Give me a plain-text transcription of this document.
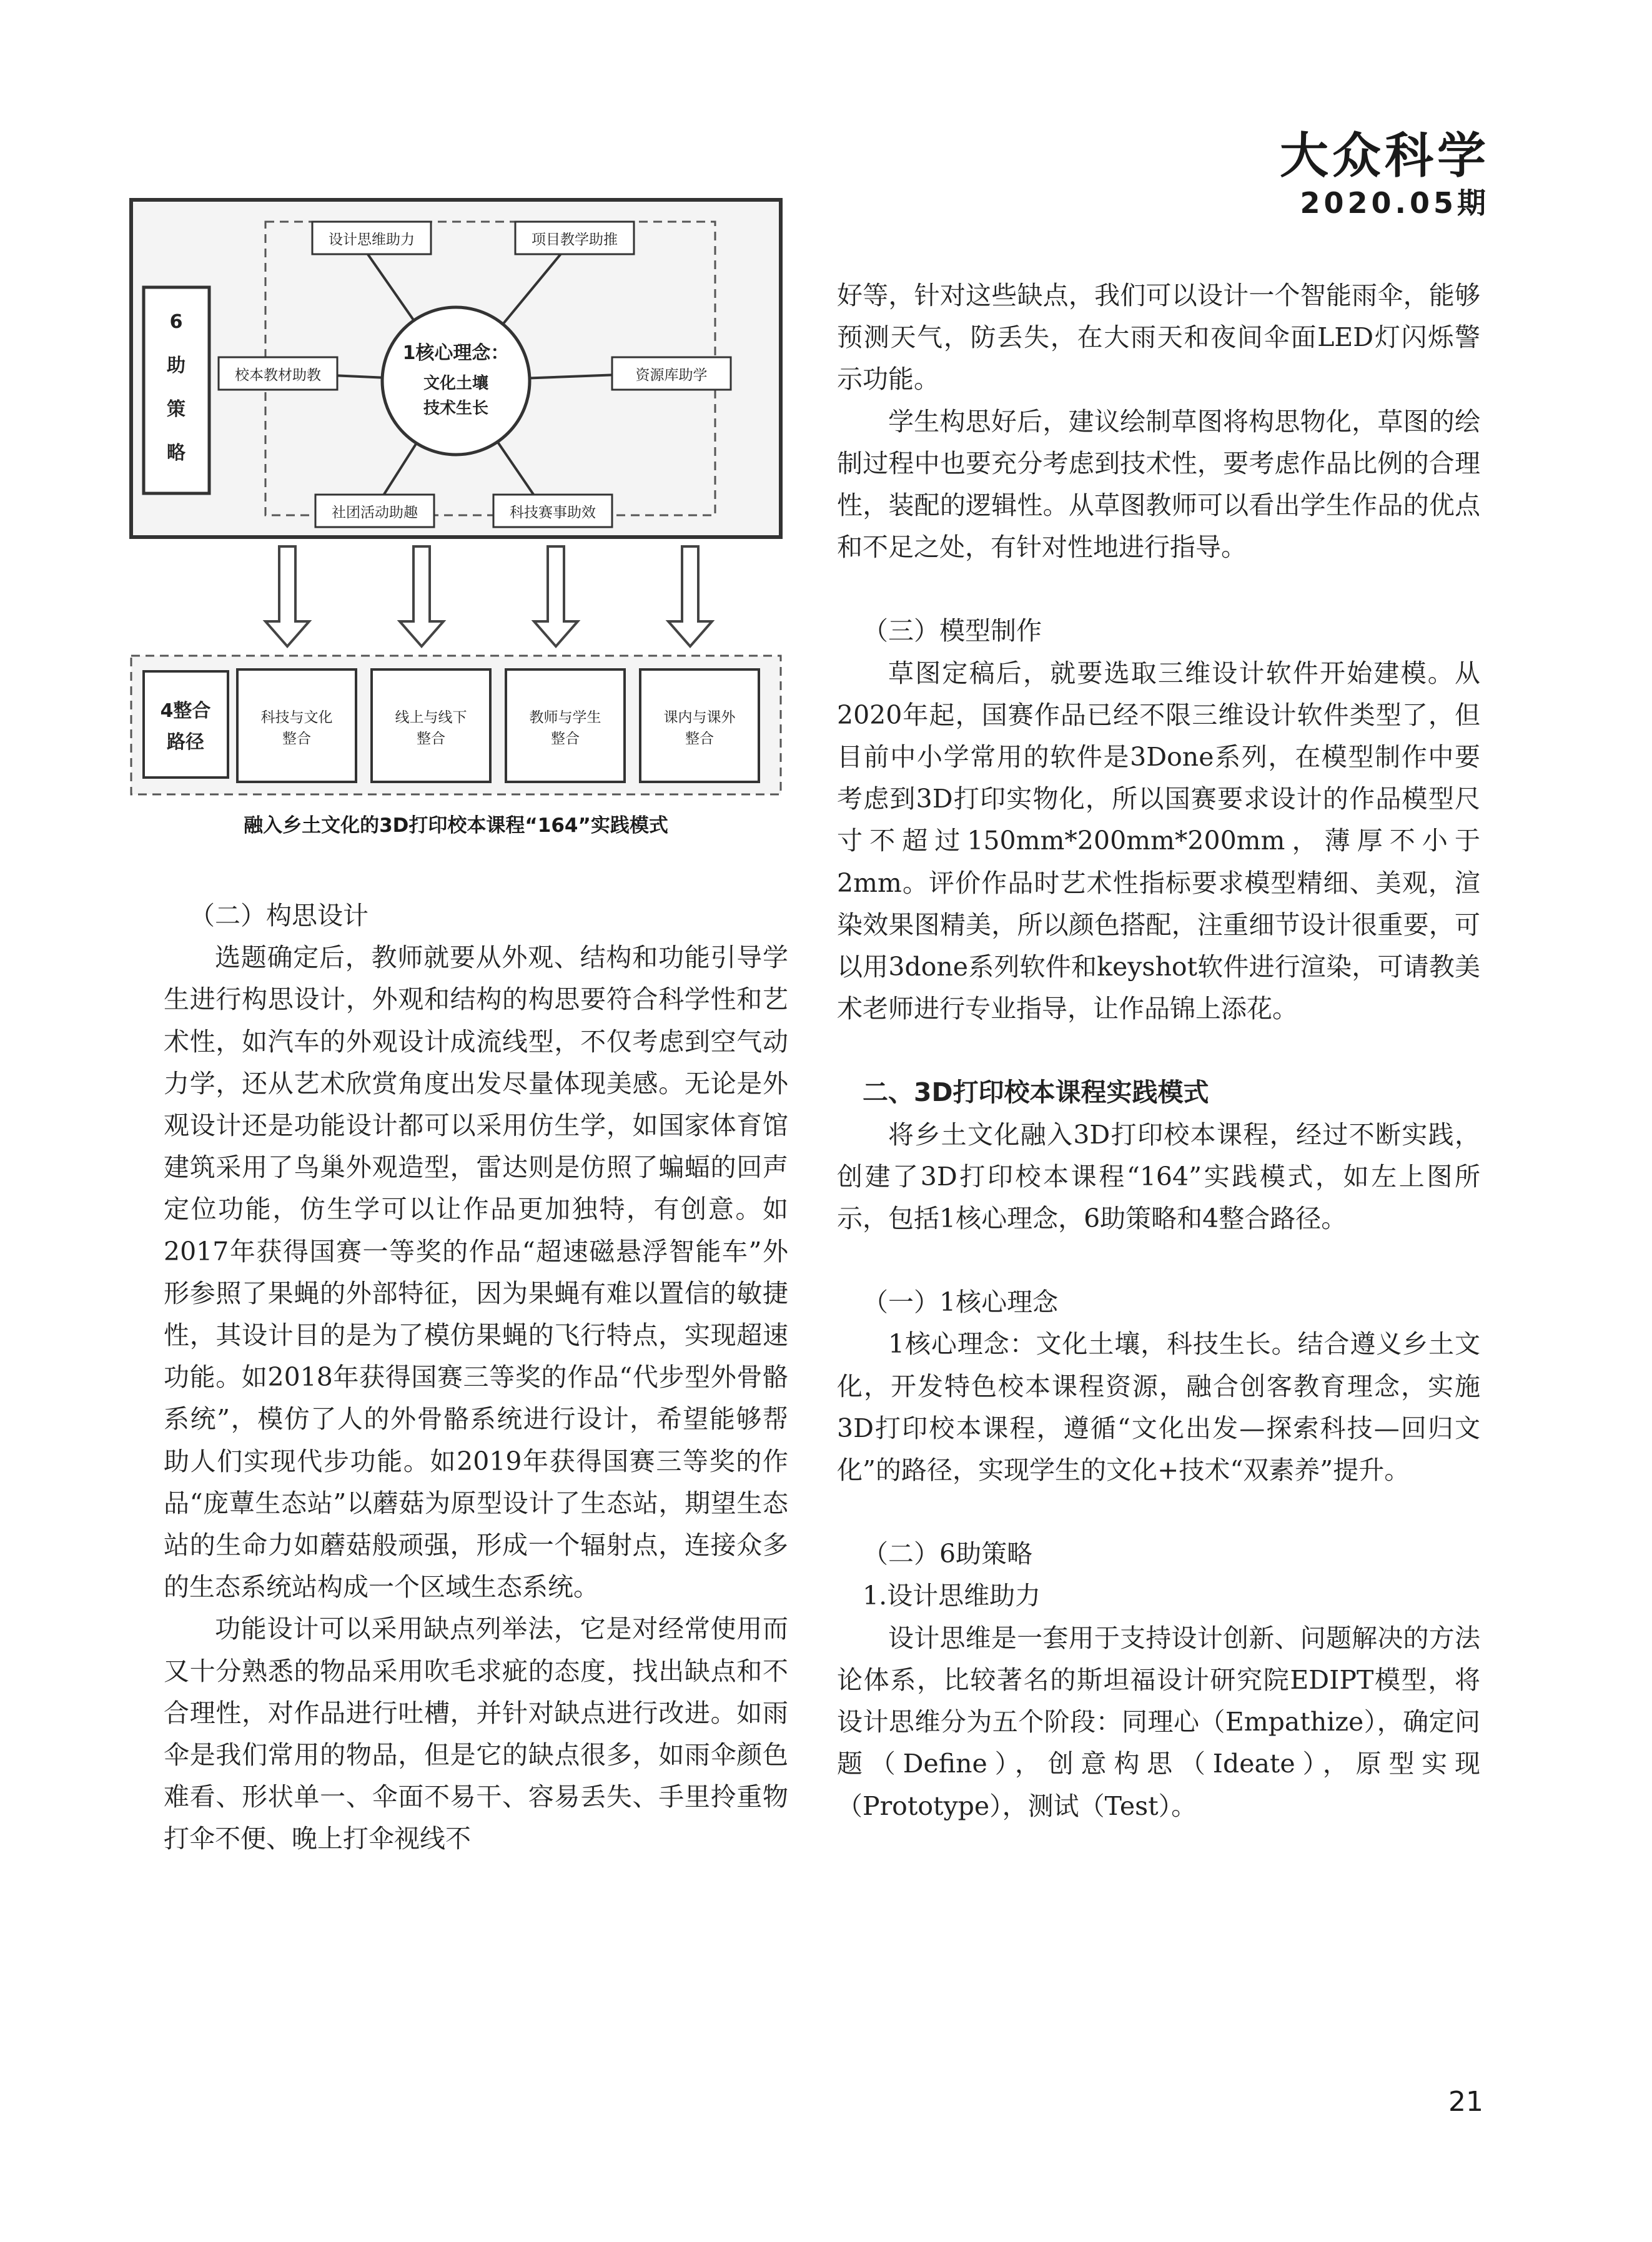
大众科学
2020.05期
6
助
策
略
1核心理念：
文化土壤
技术生长
设计思维助力	项目教学助推
校本教材助教	资源库助学
社团活动助趣	科技赛事助效
4整合
路径
科技与文化
整合
线上与线下
整合
教师与学生
整合
课内与课外
整合
融入乡土文化的3D打印校本课程“164”实践模式

（二）构思设计

选题确定后，教师就要从外观、结构和功能引导学生进行构思设计，外观和结构的构思要符合科学性和艺术性，如汽车的外观设计成流线型，不仅考虑到空气动力学，还从艺术欣赏角度出发尽量体现美感。无论是外观设计还是功能设计都可以采用仿生学，如国家体育馆建筑采用了鸟巢外观造型，雷达则是仿照了蝙蝠的回声定位功能，仿生学可以让作品更加独特，有创意。如2017年获得国赛一等奖的作品“超速磁悬浮智能车”外形参照了果蝇的外部特征，因为果蝇有难以置信的敏捷性，其设计目的是为了模仿果蝇的飞行特点，实现超速功能。如2018年获得国赛三等奖的作品“代步型外骨骼系统”，模仿了人的外骨骼系统进行设计，希望能够帮助人们实现代步功能。如2019年获得国赛三等奖的作品“庞蕈生态站”以蘑菇为原型设计了生态站，期望生态站的生命力如蘑菇般顽强，形成一个辐射点，连接众多的生态系统站构成一个区域生态系统。

功能设计可以采用缺点列举法，它是对经常使用而又十分熟悉的物品采用吹毛求疵的态度，找出缺点和不合理性，对作品进行吐槽，并针对缺点进行改进。如雨伞是我们常用的物品，但是它的缺点很多，如雨伞颜色难看、形状单一、伞面不易干、容易丢失、手里拎重物打伞不便、晚上打伞视线不

好等，针对这些缺点，我们可以设计一个智能雨伞，能够预测天气，防丢失，在大雨天和夜间伞面LED灯闪烁警示功能。

学生构思好后，建议绘制草图将构思物化，草图的绘制过程中也要充分考虑到技术性，要考虑作品比例的合理性，装配的逻辑性。从草图教师可以看出学生作品的优点和不足之处，有针对性地进行指导。

（三）模型制作

草图定稿后，就要选取三维设计软件开始建模。从2020年起，国赛作品已经不限三维设计软件类型了，但目前中小学常用的软件是3Done系列，在模型制作中要考虑到3D打印实物化，所以国赛要求设计的作品模型尺寸不超过150mm*200mm*200mm，薄厚不小于2mm。评价作品时艺术性指标要求模型精细、美观，渲染效果图精美，所以颜色搭配，注重细节设计很重要，可以用3done系列软件和keyshot软件进行渲染，可请教美术老师进行专业指导，让作品锦上添花。

二、3D打印校本课程实践模式

将乡土文化融入3D打印校本课程，经过不断实践，创建了3D打印校本课程“164”实践模式，如左上图所示，包括1核心理念，6助策略和4整合路径。

（一）1核心理念

1核心理念：文化土壤，科技生长。结合遵义乡土文化，开发特色校本课程资源，融合创客教育理念，实施3D打印校本课程，遵循“文化出发—探索科技—回归文化”的路径，实现学生的文化+技术“双素养”提升。

（二）6助策略

1.设计思维助力

设计思维是一套用于支持设计创新、问题解决的方法论体系，比较著名的斯坦福设计研究院EDIPT模型，将设计思维分为五个阶段：同理心（Empathize），确定问题（Define），创意构思（Ideate），原型实现（Prototype），测试（Test）。

21
